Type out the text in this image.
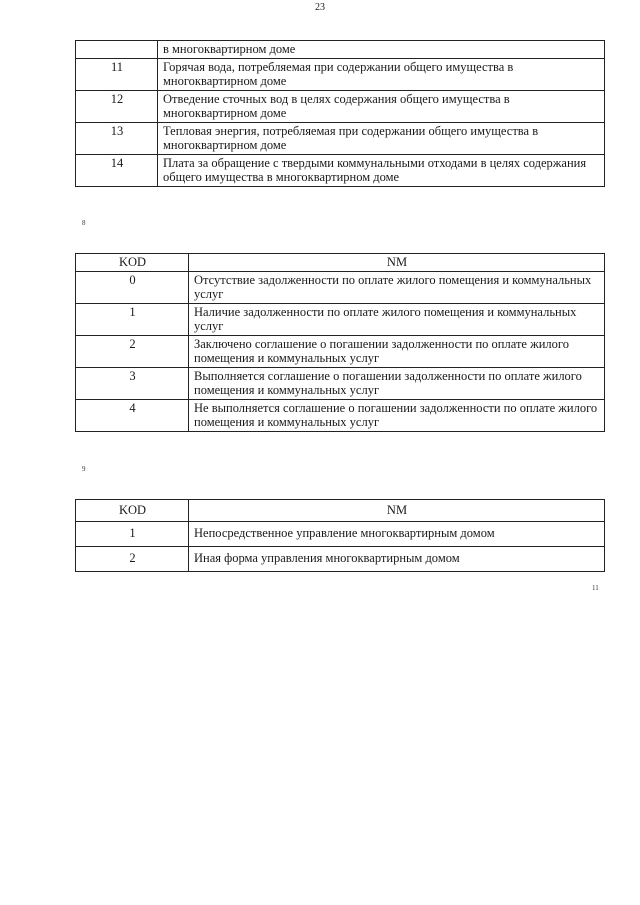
23
	в многоквартирном доме
11	Горячая вода, потребляемая при содержании общего имущества в многоквартирном доме
12	Отведение сточных вод в целях содержания общего имущества в многоквартирном доме
13	Тепловая энергия, потребляемая при содержании общего имущества в многоквартирном доме
14	Плата за обращение с твердыми коммунальными отходами в целях содержания общего имущества в многоквартирном доме
8
KOD	NM
0	Отсутствие задолженности по оплате жилого помещения и коммунальных услуг
1	Наличие задолженности по оплате жилого помещения и коммунальных услуг
2	Заключено соглашение о погашении задолженности по оплате жилого помещения и коммунальных услуг
3	Выполняется соглашение о погашении задолженности по оплате жилого помещения и коммунальных услуг
4	Не выполняется соглашение о погашении задолженности по оплате жилого помещения и коммунальных услуг
9
KOD	NM
1	Непосредственное управление многоквартирным домом
2	Иная форма управления многоквартирным домом
11
